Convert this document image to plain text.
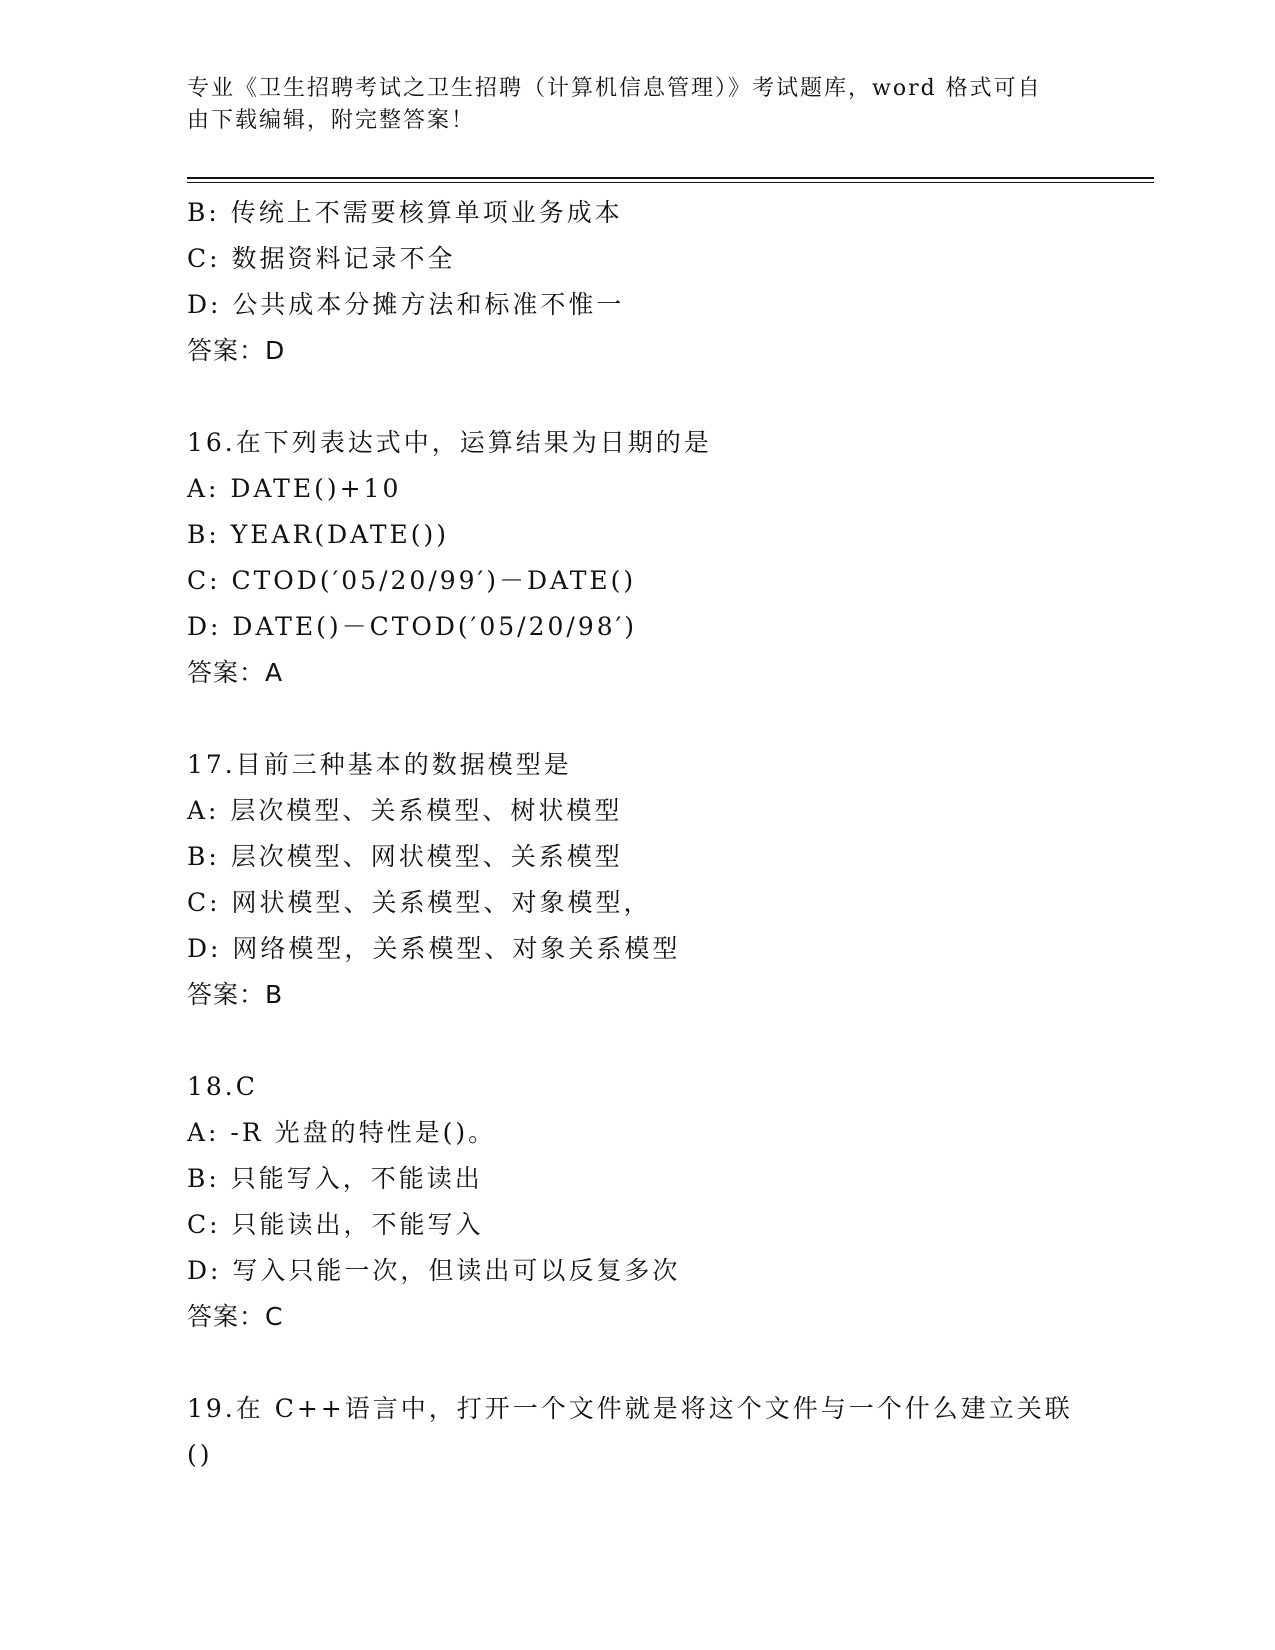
专业《卫生招聘考试之卫生招聘（计算机信息管理）》考试题库，word 格式可自
由下载编辑，附完整答案！
B: 传统上不需要核算单项业务成本
C: 数据资料记录不全
D: 公共成本分摊方法和标准不惟一
答案：D
16.在下列表达式中，运算结果为日期的是
A: DATE()+10
B: YEAR(DATE())
C: CTOD(′05/20/99′)－DATE()
D: DATE()－CTOD(′05/20/98′)
答案：A
17.目前三种基本的数据模型是
A: 层次模型、关系模型、树状模型
B: 层次模型、网状模型、关系模型
C: 网状模型、关系模型、对象模型，
D: 网络模型，关系模型、对象关系模型
答案：B
18.C
A: -R 光盘的特性是()。
B: 只能写入，不能读出
C: 只能读出，不能写入
D: 写入只能一次，但读出可以反复多次
答案：C
19.在 C++语言中，打开一个文件就是将这个文件与一个什么建立关联
()
